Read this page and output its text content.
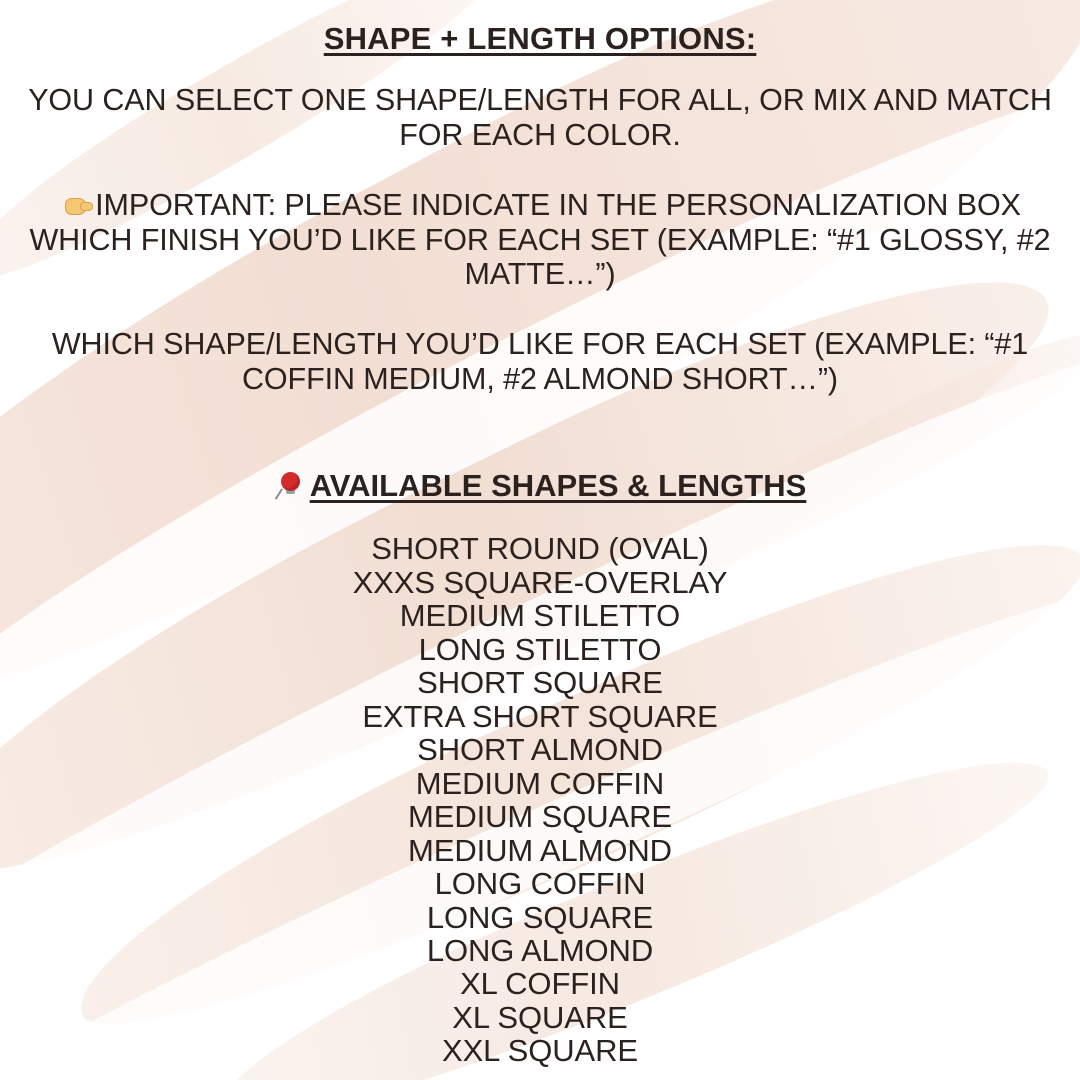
SHAPE + LENGTH OPTIONS:
YOU CAN SELECT ONE SHAPE/LENGTH FOR ALL, OR MIX AND MATCH FOR EACH COLOR.
IMPORTANT: PLEASE INDICATE IN THE PERSONALIZATION BOX WHICH FINISH YOU’D LIKE FOR EACH SET (EXAMPLE: “#1 GLOSSY, #2 MATTE…”)
WHICH SHAPE/LENGTH YOU’D LIKE FOR EACH SET (EXAMPLE: “#1 COFFIN MEDIUM, #2 ALMOND SHORT…”)
AVAILABLE SHAPES & LENGTHS
SHORT ROUND (OVAL)
XXXS SQUARE-OVERLAY
MEDIUM STILETTO
LONG STILETTO
SHORT SQUARE
EXTRA SHORT SQUARE
SHORT ALMOND
MEDIUM COFFIN
MEDIUM SQUARE
MEDIUM ALMOND
LONG COFFIN
LONG SQUARE
LONG ALMOND
XL COFFIN
XL SQUARE
XXL SQUARE
